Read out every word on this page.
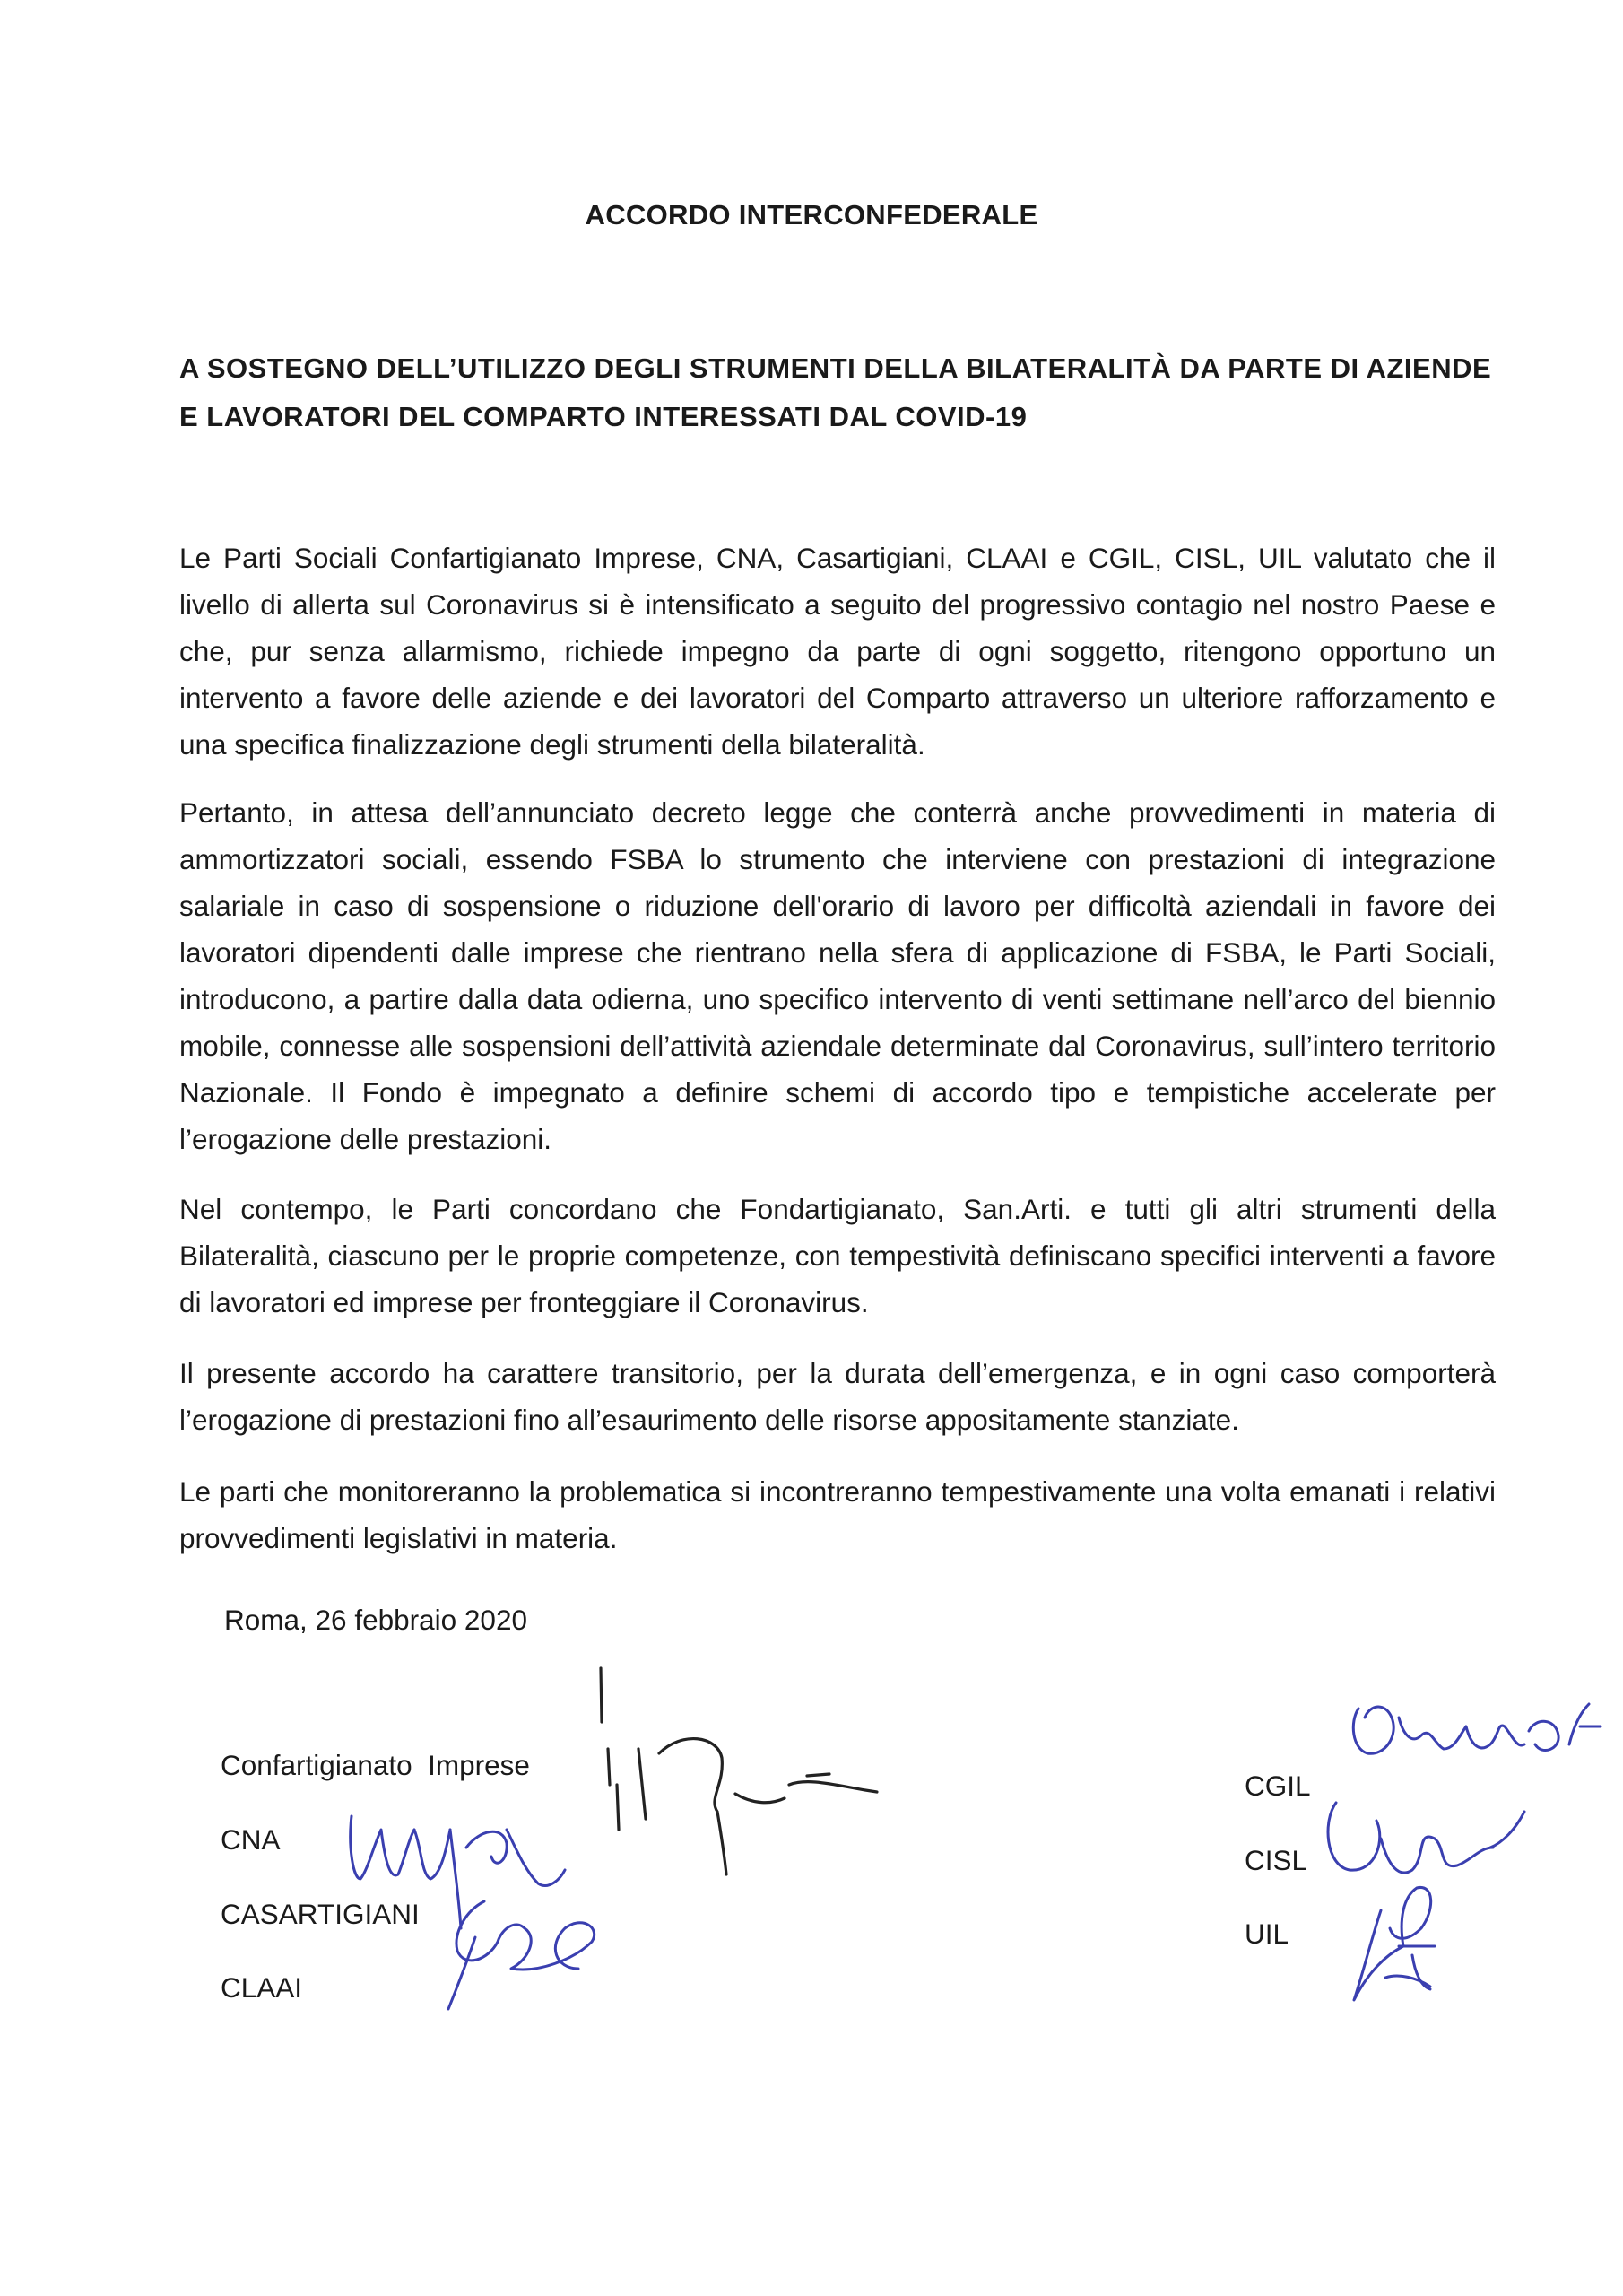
ACCORDO INTERCONFEDERALE
A SOSTEGNO DELL’UTILIZZO DEGLI STRUMENTI DELLA BILATERALITÀ DA PARTE DI AZIENDE E LAVORATORI DEL COMPARTO INTERESSATI DAL COVID-19

Le Parti Sociali Confartigianato Imprese, CNA, Casartigiani, CLAAI e CGIL, CISL, UIL valutato che il livello di allerta sul Coronavirus si è intensificato a seguito del progressivo contagio nel nostro Paese e che, pur senza allarmismo, richiede impegno da parte di ogni soggetto, ritengono opportuno un intervento a favore delle aziende e dei lavoratori del Comparto attraverso un ulteriore rafforzamento e una specifica finalizzazione degli strumenti della bilateralità.

Pertanto, in attesa dell’annunciato decreto legge che conterrà anche provvedimenti in materia di ammortizzatori sociali, essendo FSBA lo strumento che interviene con prestazioni di integrazione salariale in caso di sospensione o riduzione dell'orario di lavoro per difficoltà aziendali in favore dei lavoratori dipendenti dalle imprese che rientrano nella sfera di applicazione di FSBA, le Parti Sociali, introducono, a partire dalla data odierna, uno specifico intervento di venti settimane nell’arco del biennio mobile, connesse alle sospensioni dell’attività aziendale determinate dal Coronavirus, sull’intero territorio Nazionale. Il Fondo è impegnato a definire schemi di accordo tipo e tempistiche accelerate per l’erogazione delle prestazioni.

Nel contempo, le Parti concordano che Fondartigianato, San.Arti. e tutti gli altri strumenti della Bilateralità, ciascuno per le proprie competenze, con tempestività definiscano specifici interventi a favore di lavoratori ed imprese per fronteggiare il Coronavirus.

Il presente accordo ha carattere transitorio, per la durata dell’emergenza, e in ogni caso comporterà l’erogazione di prestazioni fino all’esaurimento delle risorse appositamente stanziate.

Le parti che monitoreranno la problematica si incontreranno tempestivamente una volta emanati i relativi provvedimenti legislativi in materia.

Roma, 26 febbraio 2020
Confartigianato  Imprese
CNA
CASARTIGIANI
CLAAI
CGIL
CISL
UIL
